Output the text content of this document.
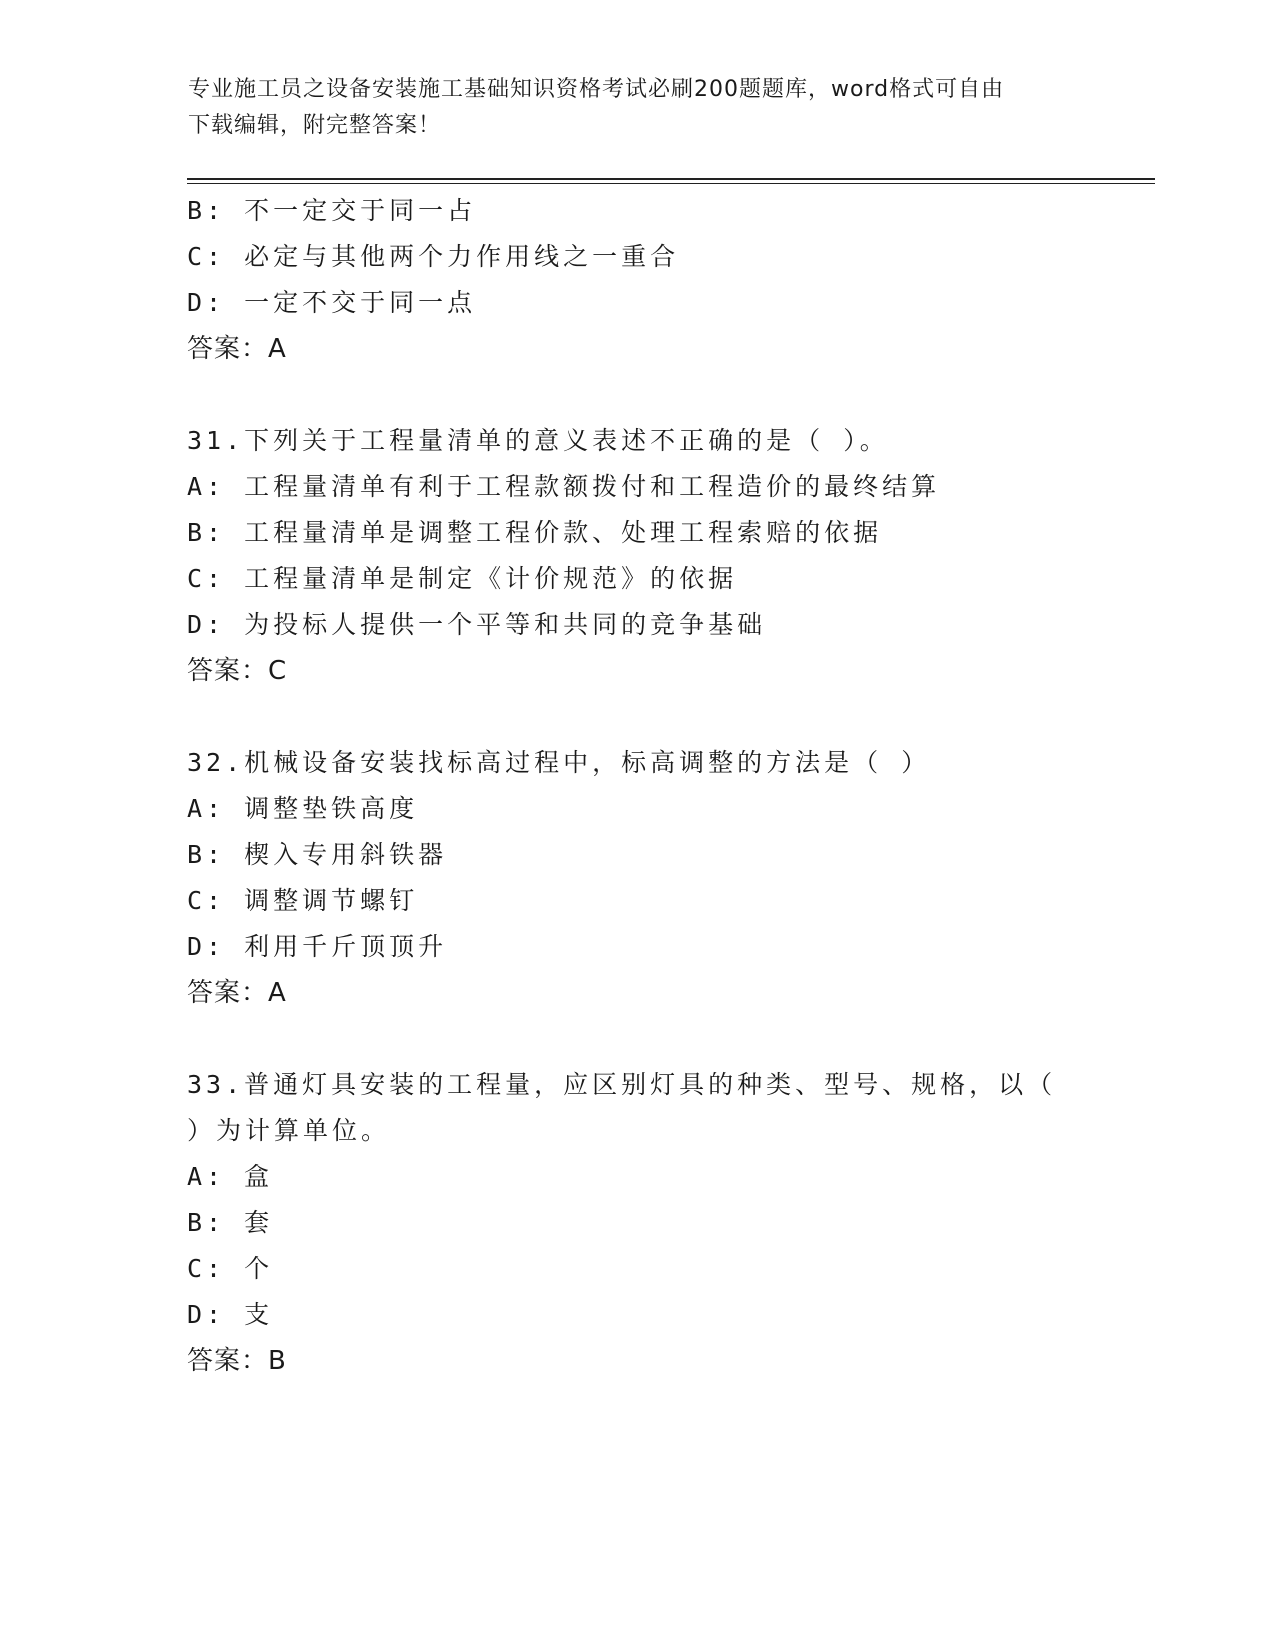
专业施工员之设备安装施工基础知识资格考试必刷200题题库，word格式可自由
下载编辑，附完整答案！
B: 不一定交于同一占
C: 必定与其他两个力作用线之一重合
D: 一定不交于同一点
答案：A
31.下列关于工程量清单的意义表述不正确的是（ ）。
A: 工程量清单有利于工程款额拨付和工程造价的最终结算
B: 工程量清单是调整工程价款、处理工程索赔的依据
C: 工程量清单是制定《计价规范》的依据
D: 为投标人提供一个平等和共同的竞争基础
答案：C
32.机械设备安装找标高过程中，标高调整的方法是（ ）
A: 调整垫铁高度
B: 楔入专用斜铁器
C: 调整调节螺钉
D: 利用千斤顶顶升
答案：A
33.普通灯具安装的工程量，应区别灯具的种类、型号、规格，以（
）为计算单位。
A: 盒
B: 套
C: 个
D: 支
答案：B
